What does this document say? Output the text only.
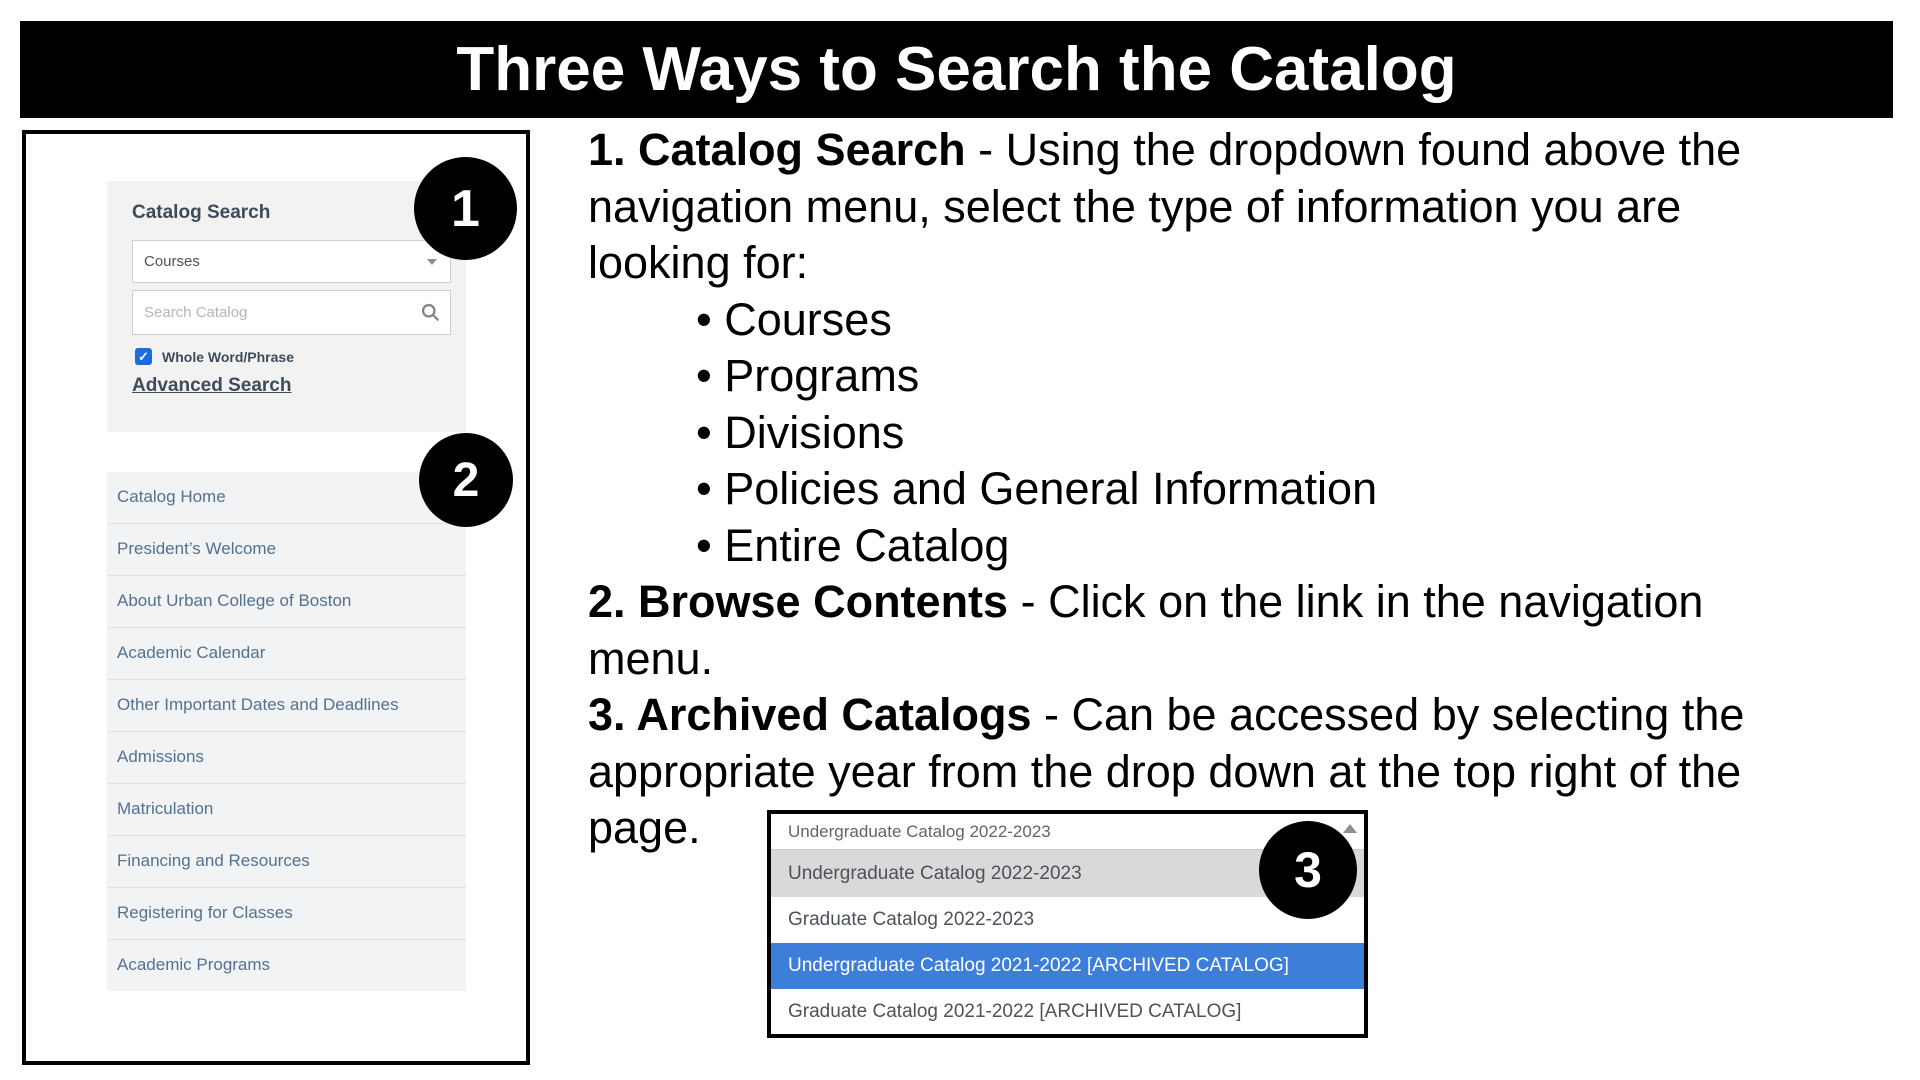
Three Ways to Search the Catalog
Catalog Search
Courses
Search Catalog
✓ Whole Word/Phrase
Advanced Search
Catalog Home
President’s Welcome
About Urban College of Boston
Academic Calendar
Other Important Dates and Deadlines
Admissions
Matriculation
Financing and Resources
Registering for Classes
Academic Programs
1
2
1. Catalog Search - Using the dropdown found above the
navigation menu, select the type of information you are
looking for:
• Courses
• Programs
• Divisions
• Policies and General Information
• Entire Catalog
2. Browse Contents - Click on the link in the navigation
menu.
3. Archived Catalogs - Can be accessed by selecting the
appropriate year from the drop down at the top right of the
page.	Undergraduate Catalog 2022-2023
Undergraduate Catalog 2022-2023
Graduate Catalog 2022-2023
Undergraduate Catalog 2021-2022 [ARCHIVED CATALOG]
Graduate Catalog 2021-2022 [ARCHIVED CATALOG]
3
